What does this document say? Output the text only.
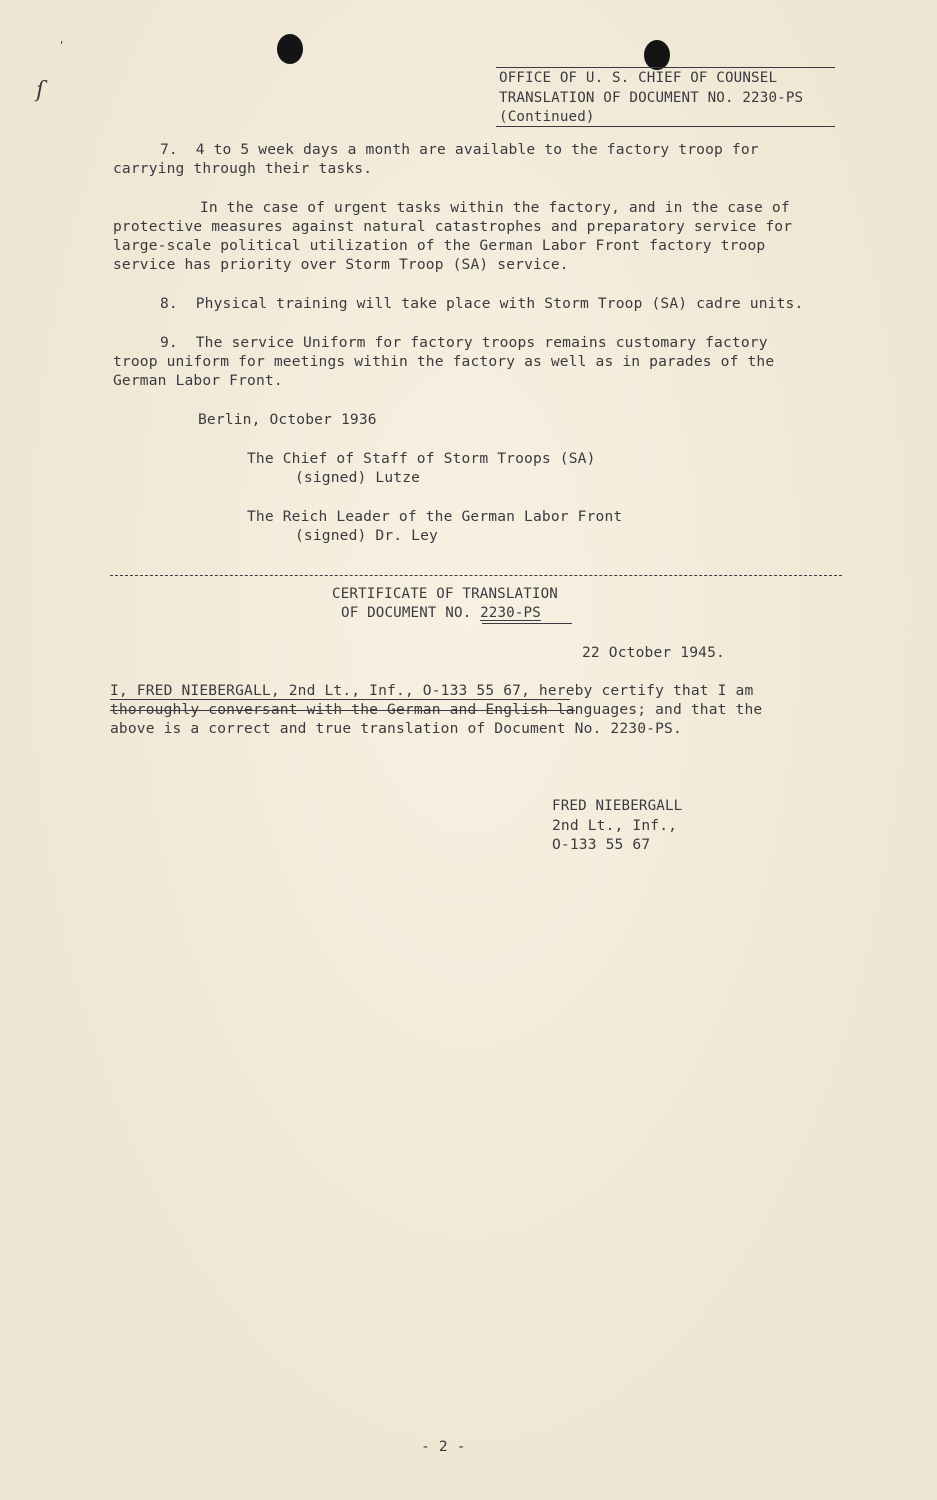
ʹ
ſ	OFFICE OF U. S. CHIEF OF COUNSEL
TRANSLATION OF DOCUMENT NO. 2230-PS
(Continued)
7.  4 to 5 week days a month are available to the factory troop for
carrying through their tasks.
In the case of urgent tasks within the factory, and in the case of
protective measures against natural catastrophes and preparatory service for
large-scale political utilization of the German Labor Front factory troop
service has priority over Storm Troop (SA) service.
8.  Physical training will take place with Storm Troop (SA) cadre units.
9.  The service Uniform for factory troops remains customary factory
troop uniform for meetings within the factory as well as in parades of the
German Labor Front.
Berlin, October 1936
The Chief of Staff of Storm Troops (SA)
(signed) Lutze
The Reich Leader of the German Labor Front
(signed) Dr. Ley
CERTIFICATE OF TRANSLATION
OF DOCUMENT NO. 2230-PS
22 October 1945.
I, FRED NIEBERGALL, 2nd Lt., Inf., O-133 55 67, hereby certify that I am
thoroughly conversant with the German and English languages; and that the
above is a correct and true translation of Document No. 2230-PS.
FRED NIEBERGALL
2nd Lt., Inf.,
O-133 55 67
- 2 -
